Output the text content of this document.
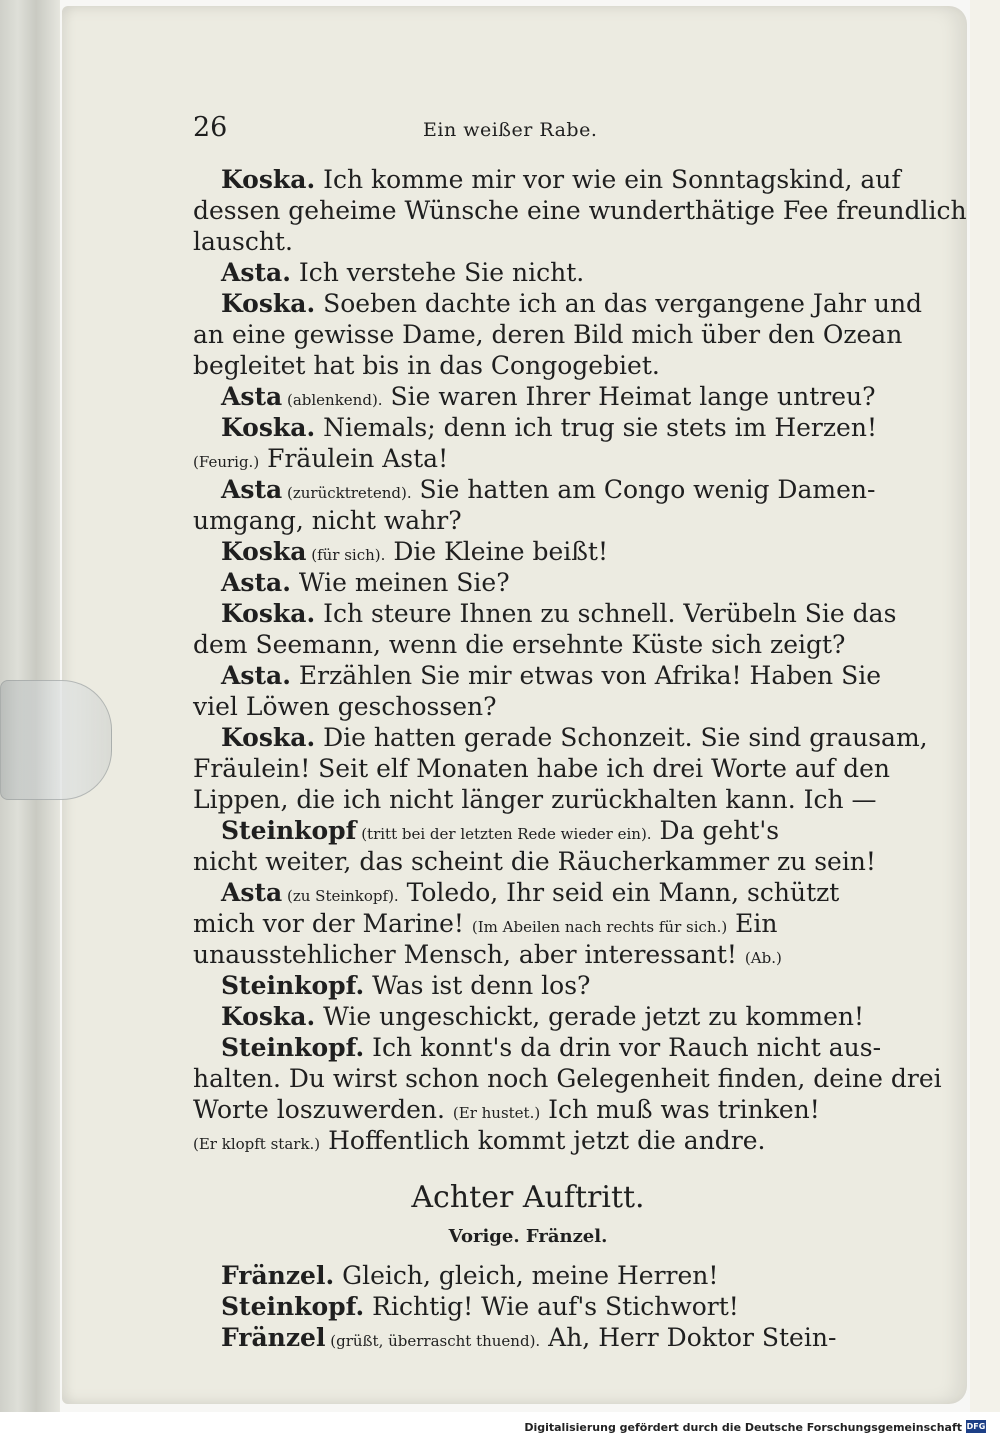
26	Ein weißer Rabe.
Koska. Ich komme mir vor wie ein Sonntagskind, auf
dessen geheime Wünsche eine wunderthätige Fee freundlich
lauscht.
Asta. Ich verstehe Sie nicht.
Koska. Soeben dachte ich an das vergangene Jahr und
an eine gewisse Dame, deren Bild mich über den Ozean
begleitet hat bis in das Congogebiet.
Asta (ablenkend). Sie waren Ihrer Heimat lange untreu?
Koska. Niemals; denn ich trug sie stets im Herzen!
(Feurig.) Fräulein Asta!
Asta (zurücktretend). Sie hatten am Congo wenig Damen-
umgang, nicht wahr?
Koska (für sich). Die Kleine beißt!
Asta. Wie meinen Sie?
Koska. Ich steure Ihnen zu schnell. Verübeln Sie das
dem Seemann, wenn die ersehnte Küste sich zeigt?
Asta. Erzählen Sie mir etwas von Afrika! Haben Sie
viel Löwen geschossen?
Koska. Die hatten gerade Schonzeit. Sie sind grausam,
Fräulein! Seit elf Monaten habe ich drei Worte auf den
Lippen, die ich nicht länger zurückhalten kann. Ich —
Steinkopf (tritt bei der letzten Rede wieder ein). Da geht's
nicht weiter, das scheint die Räucherkammer zu sein!
Asta (zu Steinkopf). Toledo, Ihr seid ein Mann, schützt
mich vor der Marine! (Im Abeilen nach rechts für sich.) Ein
unausstehlicher Mensch, aber interessant! (Ab.)
Steinkopf. Was ist denn los?
Koska. Wie ungeschickt, gerade jetzt zu kommen!
Steinkopf. Ich konnt's da drin vor Rauch nicht aus-
halten. Du wirst schon noch Gelegenheit finden, deine drei
Worte loszuwerden. (Er hustet.) Ich muß was trinken!
(Er klopft stark.) Hoffentlich kommt jetzt die andre.
Achter Auftritt.
Vorige. Fränzel.
Fränzel. Gleich, gleich, meine Herren!
Steinkopf. Richtig! Wie auf's Stichwort!
Fränzel (grüßt, überrascht thuend). Ah, Herr Doktor Stein-
Digitalisierung gefördert durch die Deutsche Forschungsgemeinschaft DFG
